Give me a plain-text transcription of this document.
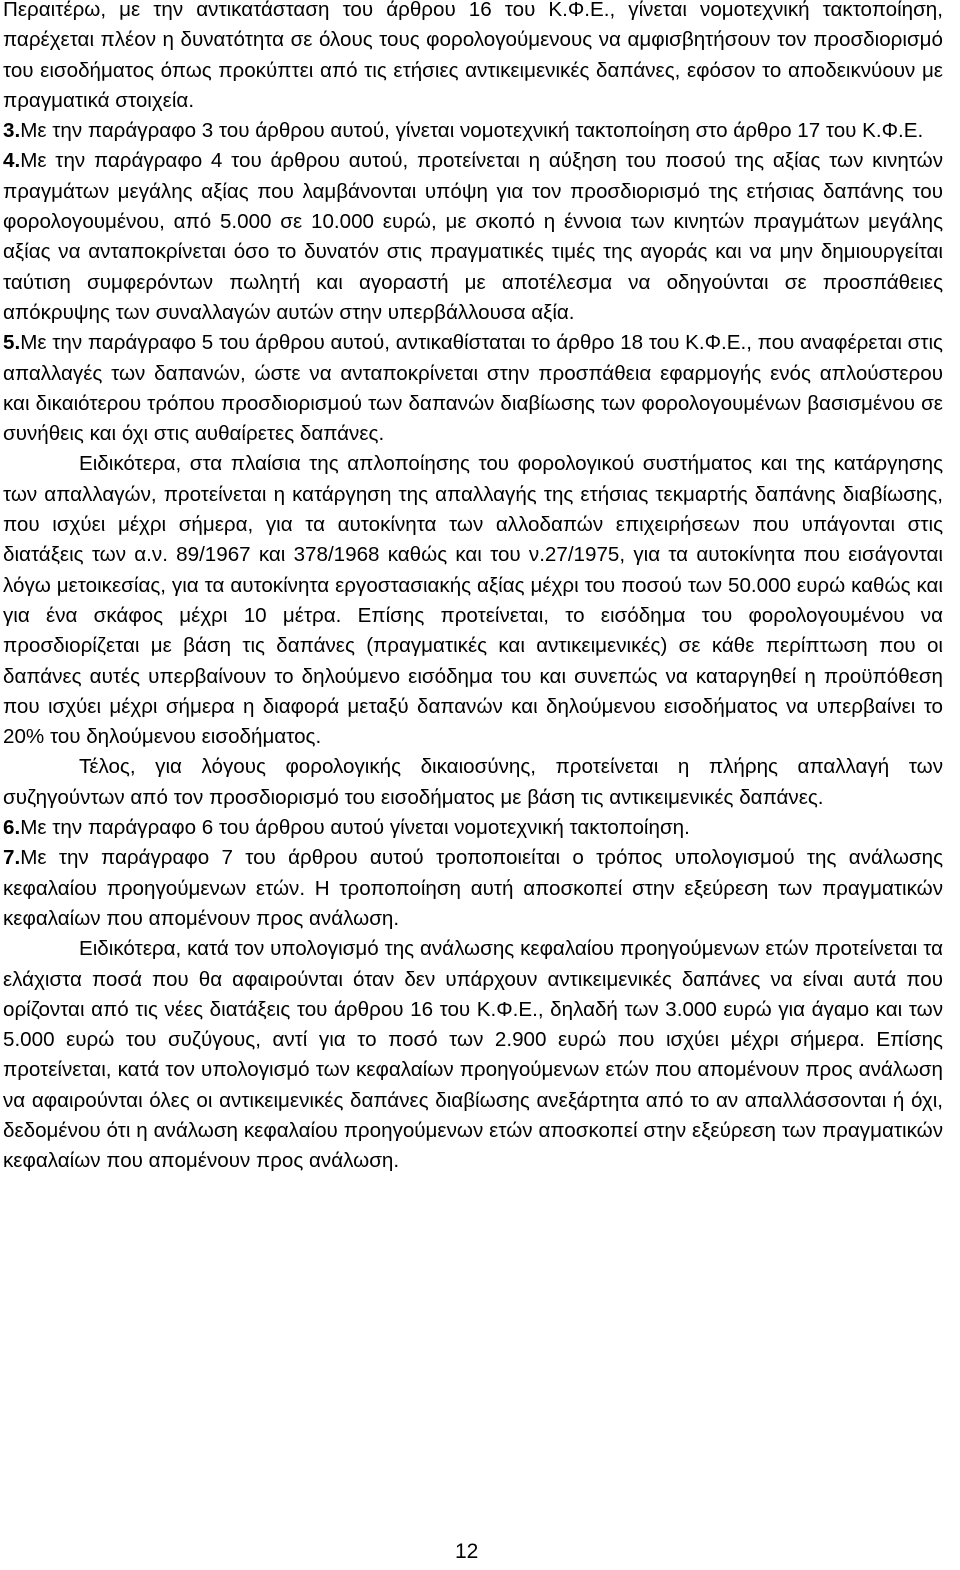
Περαιτέρω, με την αντικατάσταση του άρθρου 16 του Κ.Φ.Ε., γίνεται νομοτεχνική τακτοποίηση, παρέχεται πλέον η δυνατότητα σε όλους τους φορολογούμενους να αμφισβητήσουν τον προσδιορισμό του εισοδήματος όπως προκύπτει από τις ετήσιες αντικειμενικές δαπάνες, εφόσον το αποδεικνύουν με πραγματικά στοιχεία.

3.Με την παράγραφο 3 του άρθρου αυτού, γίνεται νομοτεχνική τακτοποίηση στο άρθρο 17 του Κ.Φ.Ε.

4.Με την παράγραφο 4 του άρθρου αυτού, προτείνεται η αύξηση του ποσού της αξίας των κινητών πραγμάτων μεγάλης αξίας που λαμβάνονται υπόψη για τον προσδιορισμό της ετήσιας δαπάνης του φορολογουμένου, από 5.000 σε 10.000 ευρώ, με σκοπό η έννοια των κινητών πραγμάτων μεγάλης αξίας να ανταποκρίνεται όσο το δυνατόν στις πραγματικές τιμές της αγοράς και να μην δημιουργείται ταύτιση συμφερόντων πωλητή και αγοραστή με αποτέλεσμα να οδηγούνται σε προσπάθειες απόκρυψης των συναλλαγών αυτών στην υπερβάλλουσα αξία.

5.Με την παράγραφο 5 του άρθρου αυτού, αντικαθίσταται το άρθρο 18 του Κ.Φ.Ε., που αναφέρεται στις απαλλαγές των δαπανών, ώστε να ανταποκρίνεται στην προσπάθεια εφαρμογής ενός απλούστερου και δικαιότερου τρόπου προσδιορισμού των δαπανών διαβίωσης των φορολογουμένων βασισμένου σε συνήθεις και όχι στις αυθαίρετες δαπάνες.

Ειδικότερα, στα πλαίσια της απλοποίησης του φορολογικού συστήματος και της κατάργησης των απαλλαγών, προτείνεται η κατάργηση της απαλλαγής της ετήσιας τεκμαρτής δαπάνης διαβίωσης, που ισχύει μέχρι σήμερα, για τα αυτοκίνητα των αλλοδαπών επιχειρήσεων που υπάγονται στις διατάξεις των α.ν. 89/1967 και 378/1968 καθώς και του ν.27/1975, για τα αυτοκίνητα που εισάγονται λόγω μετοικεσίας, για τα αυτοκίνητα εργοστασιακής αξίας μέχρι του ποσού των 50.000 ευρώ καθώς και για ένα σκάφος μέχρι 10 μέτρα. Επίσης προτείνεται, το εισόδημα του φορολογουμένου να προσδιορίζεται με βάση τις δαπάνες (πραγματικές και αντικειμενικές) σε κάθε περίπτωση που οι δαπάνες αυτές υπερβαίνουν το δηλούμενο εισόδημα του και συνεπώς να καταργηθεί η προϋπόθεση που ισχύει μέχρι σήμερα η διαφορά μεταξύ δαπανών και δηλούμενου εισοδήματος να υπερβαίνει το 20% του δηλούμενου εισοδήματος.

Τέλος, για λόγους φορολογικής δικαιοσύνης, προτείνεται η πλήρης απαλλαγή των συζηγούντων από τον προσδιορισμό του εισοδήματος με βάση τις αντικειμενικές δαπάνες.

6.Με την παράγραφο 6 του άρθρου αυτού γίνεται νομοτεχνική τακτοποίηση.

7.Με την παράγραφο 7 του άρθρου αυτού τροποποιείται ο τρόπος υπολογισμού της ανάλωσης κεφαλαίου προηγούμενων ετών. Η τροποποίηση αυτή αποσκοπεί στην εξεύρεση των πραγματικών κεφαλαίων που απομένουν προς ανάλωση.

Ειδικότερα, κατά τον υπολογισμό της ανάλωσης κεφαλαίου προηγούμενων ετών προτείνεται τα ελάχιστα ποσά που θα αφαιρούνται όταν δεν υπάρχουν αντικειμενικές δαπάνες να είναι αυτά που ορίζονται από τις νέες διατάξεις του άρθρου 16 του Κ.Φ.Ε., δηλαδή των 3.000 ευρώ για άγαμο και των 5.000 ευρώ του συζύγους, αντί για το ποσό των 2.900 ευρώ που ισχύει μέχρι σήμερα. Επίσης προτείνεται, κατά τον υπολογισμό των κεφαλαίων προηγούμενων ετών που απομένουν προς ανάλωση να αφαιρούνται όλες οι αντικειμενικές δαπάνες διαβίωσης ανεξάρτητα από το αν απαλλάσσονται ή όχι, δεδομένου ότι η ανάλωση κεφαλαίου προηγούμενων ετών αποσκοπεί στην εξεύρεση των πραγματικών κεφαλαίων που απομένουν προς ανάλωση.

12
